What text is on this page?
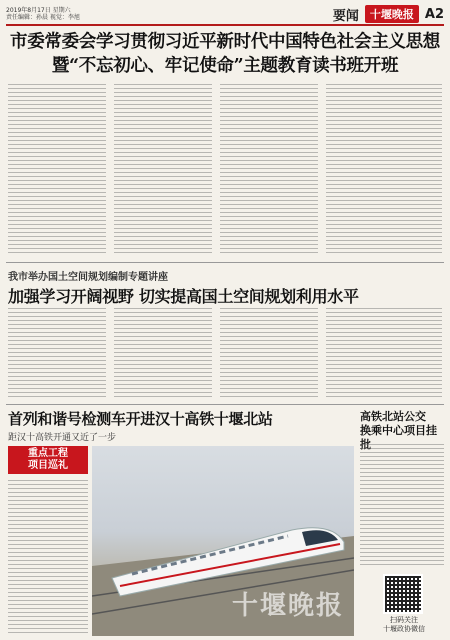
2019年8月17日 星期六
责任编辑：孙晨 视觉：李旭	要闻	十堰晚报 A2
市委常委会学习贯彻习近平新时代中国特色社会主义思想
暨“不忘初心、牢记使命”主题教育读书班开班
我市举办国土空间规划编制专题讲座
加强学习开阔视野 切实提高国土空间规划利用水平
首列和谐号检测车开进汉十高铁十堰北站
距汉十高铁开通又近了一步
重点工程
项目巡礼
十堰晚报
高铁北站公交
换乘中心项目挂批
扫码关注
十堰政协微信
